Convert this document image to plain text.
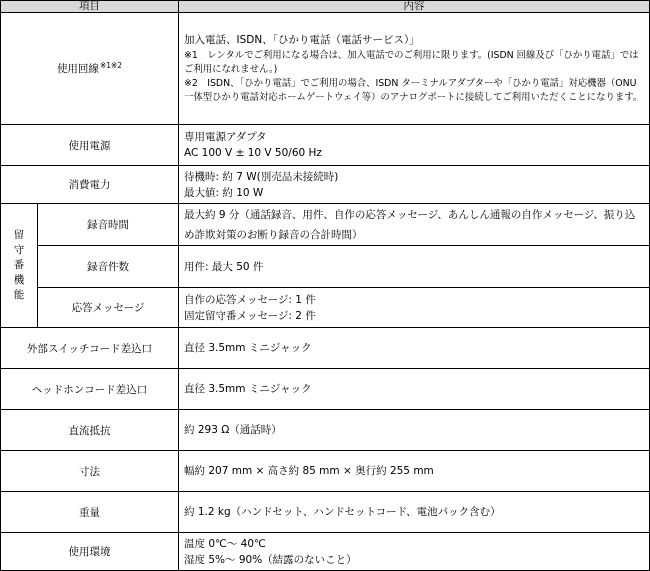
項目		内容
使用回線$^{※1※2}$		加入電話、ISDN、「ひかり電話（電話サービス）」
※1　レンタルでご利用になる場合は、加入電話でのご利用に限ります。(ISDN 回線及び「ひかり電話」ではご利用になれません。)
※2　ISDN、「ひかり電話」でご利用の場合、ISDN ターミナルアダプターや「ひかり電話」対応機器（ONU一体型ひかり電話対応ホームゲートウェイ等）のアナログポートに接続してご利用いただくことになります。

使用電源		専用電源アダプタ
AC 100 V ± 10 V 50/60 Hz

消費電力		待機時: 約 7 W(別売品未接続時)
最大値: 約 10 W

留守番機能	録音時間	最大約 9 分（通話録音、用件、自作の応答メッセージ、あんしん通報の自作メッセージ、振り込め詐欺対策のお断り録音の合計時間）

	録音件数	用件: 最大 50 件

	応答メッセージ	自作の応答メッセージ: 1 件
固定留守番メッセージ: 2 件

外部スイッチコード差込口		直径 3.5mm ミニジャック

ヘッドホンコード差込口		直径 3.5mm ミニジャック

直流抵抗		約 293 Ω（通話時）

寸法		幅約 207 mm × 高さ約 85 mm × 奥行約 255 mm

重量		約 1.2 kg（ハンドセット、ハンドセットコード、電池パック含む）

使用環境		温度 0℃～ 40℃
湿度 5%～ 90%（結露のないこと）
